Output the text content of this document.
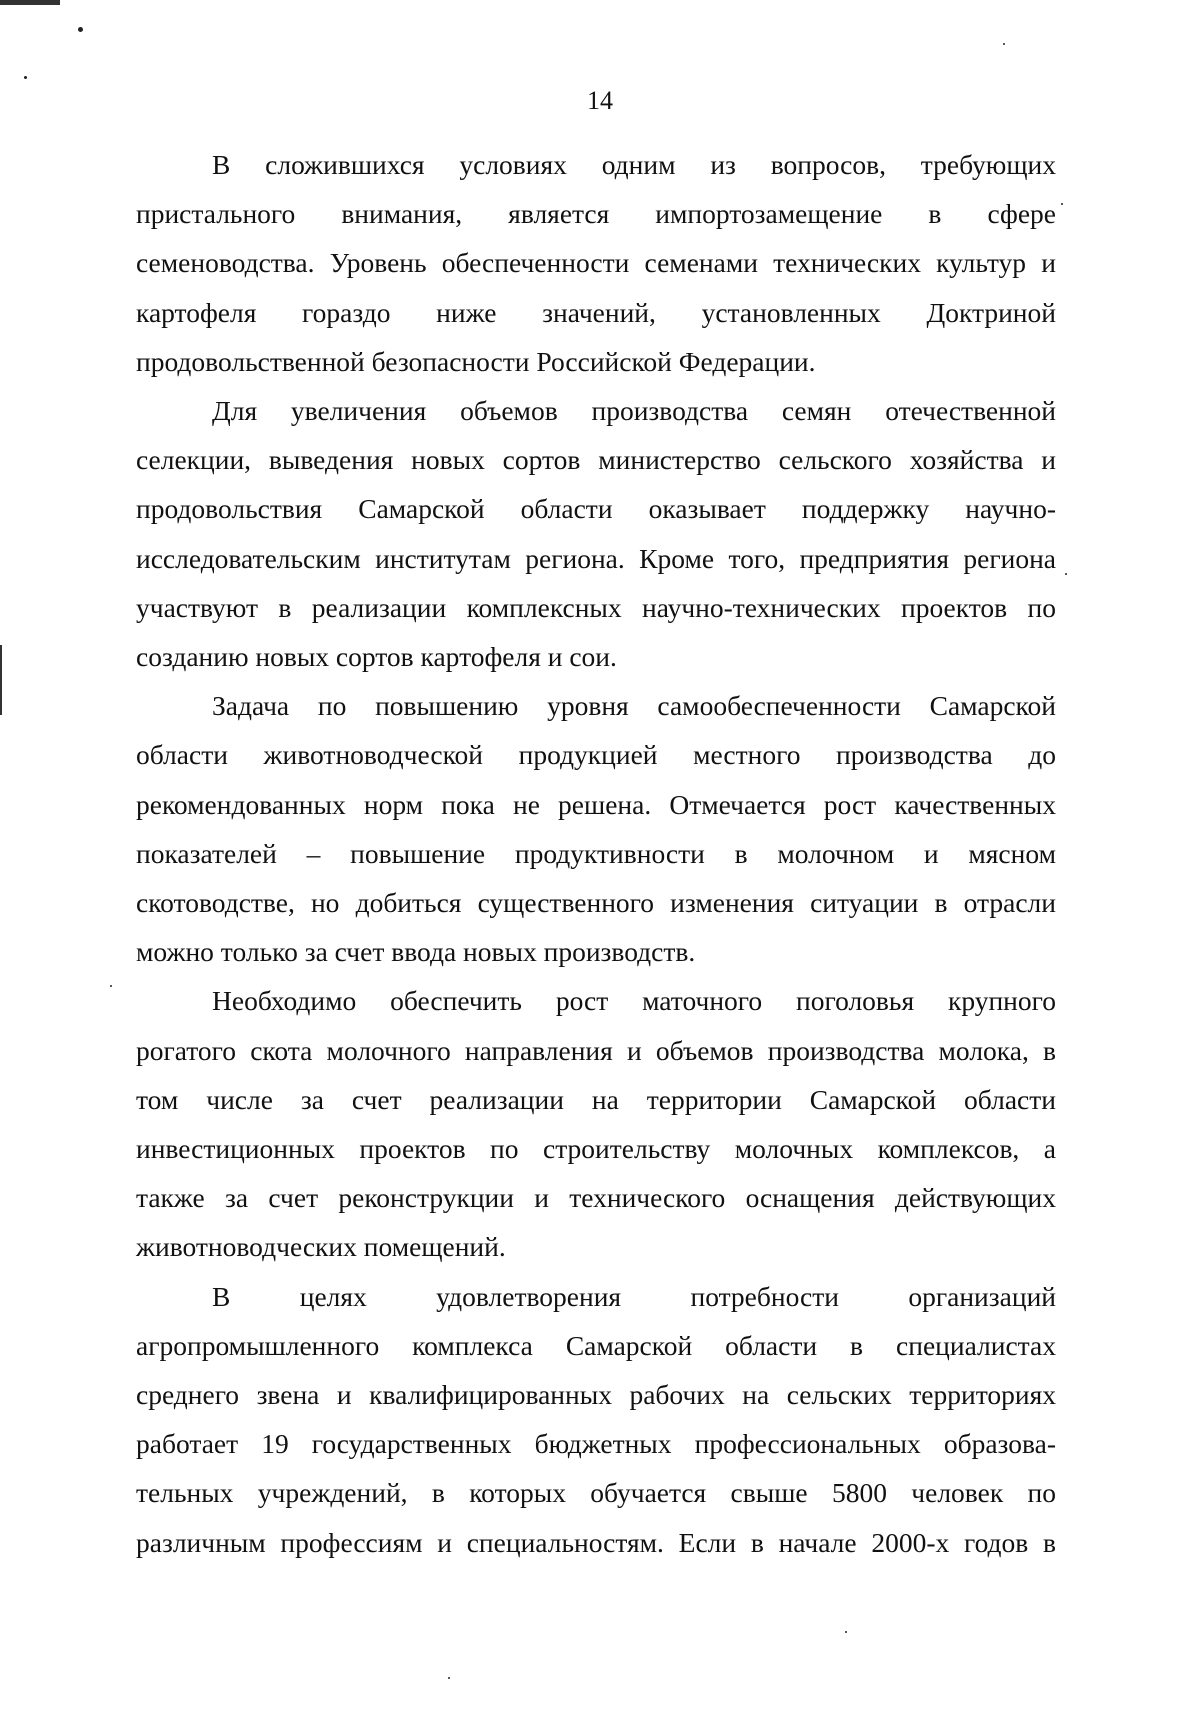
14
В сложившихся условиях одним из вопросов, требующих
пристального внимания, является импортозамещение в сфере
семеноводства. Уровень обеспеченности семенами технических культур и
картофеля гораздо ниже значений, установленных Доктриной
продовольственной безопасности Российской Федерации.
Для увеличения объемов производства семян отечественной
селекции, выведения новых сортов министерство сельского хозяйства и
продовольствия Самарской области оказывает поддержку научно-
исследовательским институтам региона. Кроме того, предприятия региона
участвуют в реализации комплексных научно-технических проектов по
созданию новых сортов картофеля и сои.
Задача по повышению уровня самообеспеченности Самарской
области животноводческой продукцией местного производства до
рекомендованных норм пока не решена. Отмечается рост качественных
показателей – повышение продуктивности в молочном и мясном
скотоводстве, но добиться существенного изменения ситуации в отрасли
можно только за счет ввода новых производств.
Необходимо обеспечить рост маточного поголовья крупного
рогатого скота молочного направления и объемов производства молока, в
том числе за счет реализации на территории Самарской области
инвестиционных проектов по строительству молочных комплексов, а
также за счет реконструкции и технического оснащения действующих
животноводческих помещений.
В целях удовлетворения потребности организаций
агропромышленного комплекса Самарской области в специалистах
среднего звена и квалифицированных рабочих на сельских территориях
работает 19 государственных бюджетных профессиональных образова-
тельных учреждений, в которых обучается свыше 5800 человек по
различным профессиям и специальностям. Если в начале 2000-х годов в
